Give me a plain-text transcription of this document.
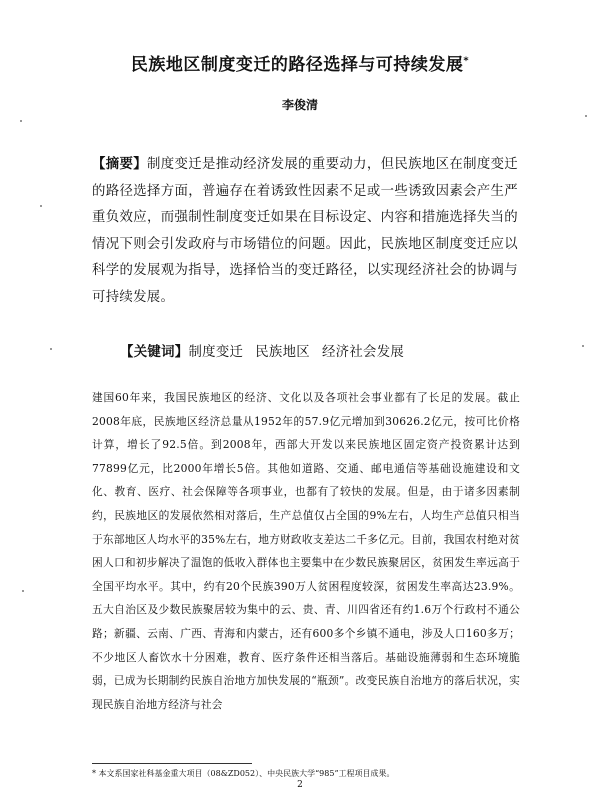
民族地区制度变迁的路径选择与可持续发展*
李俊清
【摘要】制度变迁是推动经济发展的重要动力，但民族地区在制度变迁的路径选择方面，普遍存在着诱致性因素不足或一些诱致因素会产生严重负效应，而强制性制度变迁如果在目标设定、内容和措施选择失当的情况下则会引发政府与市场错位的问题。因此，民族地区制度变迁应以科学的发展观为指导，选择恰当的变迁路径，以实现经济社会的协调与可持续发展。
【关键词】制度变迁 民族地区 经济社会发展
建国60年来，我国民族地区的经济、文化以及各项社会事业都有了长足的发展。截止2008年底，民族地区经济总量从1952年的57.9亿元增加到30626.2亿元，按可比价格计算，增长了92.5倍。到2008年，西部大开发以来民族地区固定资产投资累计达到77899亿元，比2000年增长5倍。其他如道路、交通、邮电通信等基础设施建设和文化、教育、医疗、社会保障等各项事业，也都有了较快的发展。但是，由于诸多因素制约，民族地区的发展依然相对落后，生产总值仅占全国的9%左右，人均生产总值只相当于东部地区人均水平的35%左右，地方财政收支差达二千多亿元。目前，我国农村绝对贫困人口和初步解决了温饱的低收入群体也主要集中在少数民族聚居区，贫困发生率远高于全国平均水平。其中，约有20个民族390万人贫困程度较深，贫困发生率高达23.9%。五大自治区及少数民族聚居较为集中的云、贵、青、川四省还有约1.6万个行政村不通公路；新疆、云南、广西、青海和内蒙古，还有600多个乡镇不通电，涉及人口160多万；不少地区人畜饮水十分困难，教育、医疗条件还相当落后。基础设施薄弱和生态环境脆弱，已成为长期制约民族自治地方加快发展的“瓶颈”。改变民族自治地方的落后状况，实现民族自治地方经济与社会
* 本文系国家社科基金重大项目（08&ZD052）、中央民族大学“985”工程项目成果。
2
